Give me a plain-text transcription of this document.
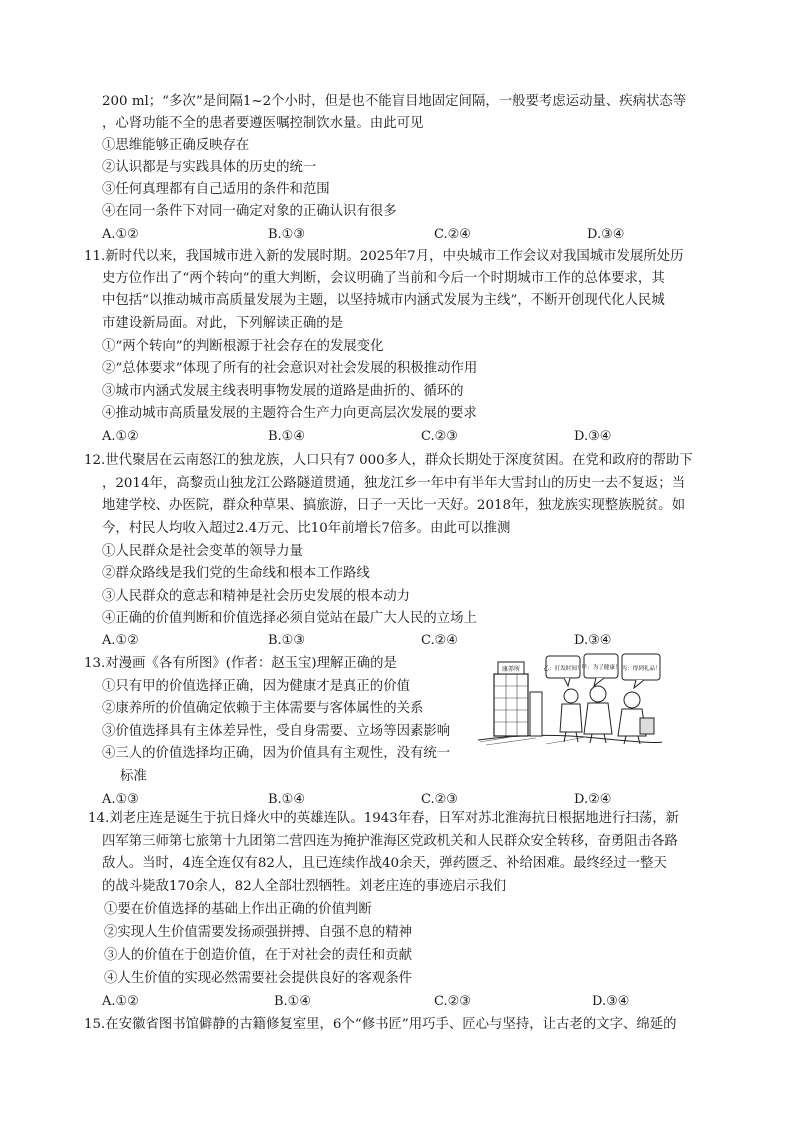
200 ml；“多次”是间隔1~2个小时，但是也不能盲目地固定间隔，一般要考虑运动量、疾病状态等
，心肾功能不全的患者要遵医嘱控制饮水量。由此可见
①思维能够正确反映存在
②认识都是与实践具体的历史的统一
③任何真理都有自己适用的条件和范围
④在同一条件下对同一确定对象的正确认识有很多
A.①②	B.①③	C.②④	D.③④
11.新时代以来，我国城市进入新的发展时期。2025年7月，中央城市工作会议对我国城市发展所处历
史方位作出了“两个转向”的重大判断，会议明确了当前和今后一个时期城市工作的总体要求，其
中包括“以推动城市高质量发展为主题，以坚持城市内涵式发展为主线”，不断开创现代化人民城
市建设新局面。对此，下列解读正确的是
①“两个转向”的判断根源于社会存在的发展变化
②“总体要求”体现了所有的社会意识对社会发展的积极推动作用
③城市内涵式发展主线表明事物发展的道路是曲折的、循环的
④推动城市高质量发展的主题符合生产力向更高层次发展的要求
A.①②	B.①④	C.②③	D.③④
12.世代聚居在云南怒江的独龙族，人口只有7 000多人，群众长期处于深度贫困。在党和政府的帮助下
，2014年，高黎贡山独龙江公路隧道贯通，独龙江乡一年中有半年大雪封山的历史一去不复返；当
地建学校、办医院，群众种草果、搞旅游，日子一天比一天好。2018年，独龙族实现整族脱贫。如
今，村民人均收入超过2.4万元、比10年前增长7倍多。由此可以推测
①人民群众是社会变革的领导力量
②群众路线是我们党的生命线和根本工作路线
③人民群众的意志和精神是社会历史发展的根本动力
④正确的价值判断和价值选择必须自觉站在最广大人民的立场上
A.①②	B.①③	C.②④	D.③④
13.对漫画《各有所图》(作者：赵玉宝)理解正确的是
①只有甲的价值选择正确，因为健康才是真正的价值
②康养所的价值确定依赖于主体需要与客体属性的关系
③价值选择具有主体差异性，受自身需要、立场等因素影响
④三人的价值选择均正确，因为价值具有主观性，没有统一
标准
A.①③	B.①④	C.②③	D.②④
康养所	乙：打发时间！
甲：为了健康！ 丙：得到礼品！
14.刘老庄连是诞生于抗日烽火中的英雄连队。1943年春，日军对苏北淮海抗日根据地进行扫荡，新
四军第三师第七旅第十九团第二营四连为掩护淮海区党政机关和人民群众安全转移，奋勇阻击各路
敌人。当时，4连全连仅有82人，且已连续作战40余天，弹药匮乏、补给困难。最终经过一整天
的战斗毙敌170余人，82人全部壮烈牺牲。刘老庄连的事迹启示我们
①要在价值选择的基础上作出正确的价值判断
②实现人生价值需要发扬顽强拼搏、自强不息的精神
③人的价值在于创造价值，在于对社会的责任和贡献
④人生价值的实现必然需要社会提供良好的客观条件
A.①②	B.①④	C.②③	D.③④
15.在安徽省图书馆僻静的古籍修复室里，6个“修书匠”用巧手、匠心与坚持，让古老的文字、绵延的
